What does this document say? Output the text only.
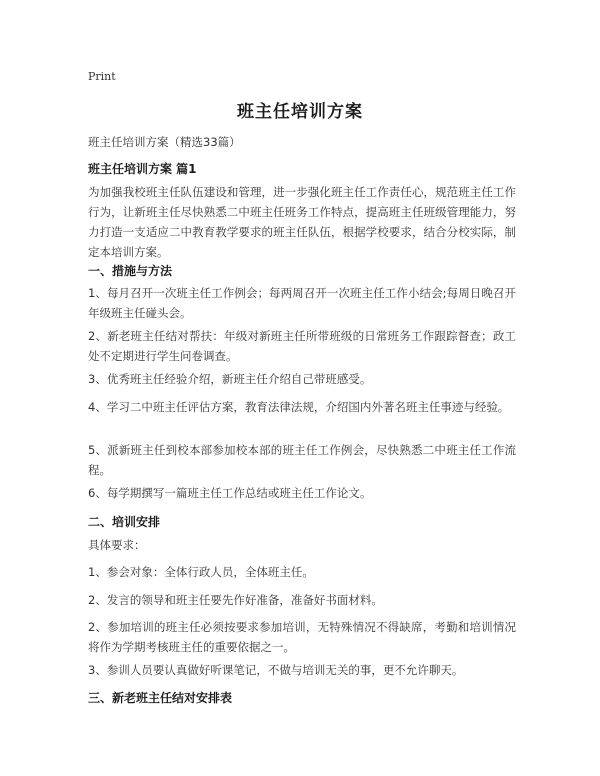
Print
班主任培训方案
班主任培训方案（精选33篇）
班主任培训方案 篇1
为加强我校班主任队伍建设和管理，进一步强化班主任工作责任心，规范班主任工作行为，让新班主任尽快熟悉二中班主任班务工作特点，提高班主任班级管理能力，努力打造一支适应二中教育教学要求的班主任队伍，根据学校要求，结合分校实际，制定本培训方案。
一、措施与方法
1、每月召开一次班主任工作例会；每两周召开一次班主任工作小结会;每周日晚召开年级班主任碰头会。
2、新老班主任结对帮扶：年级对新班主任所带班级的日常班务工作跟踪督查；政工处不定期进行学生问卷调查。
3、优秀班主任经验介绍，新班主任介绍自己带班感受。
4、学习二中班主任评估方案，教育法律法规，介绍国内外著名班主任事迹与经验。
5、派新班主任到校本部参加校本部的班主任工作例会，尽快熟悉二中班主任工作流程。
6、每学期撰写一篇班主任工作总结或班主任工作论文。
二、培训安排
具体要求：
1、参会对象：全体行政人员，全体班主任。
2、发言的领导和班主任要先作好准备，准备好书面材料。
2、参加培训的班主任必须按要求参加培训，无特殊情况不得缺席，考勤和培训情况将作为学期考核班主任的重要依据之一。
3、参训人员要认真做好听课笔记，不做与培训无关的事，更不允许聊天。
三、新老班主任结对安排表
